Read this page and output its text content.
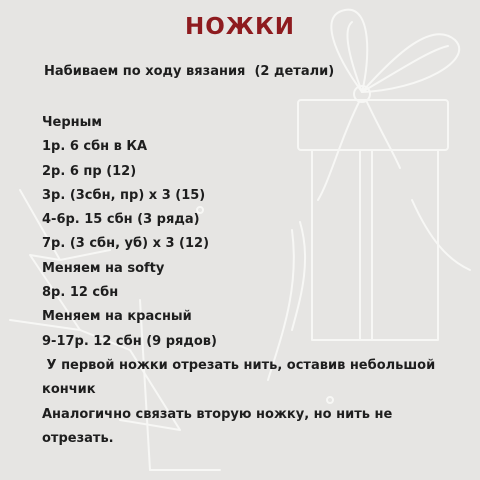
НОЖКИ
Набиваем по ходу вязания  (2 детали)
Черным
1р. 6 сбн в КА
2р. 6 пр (12)
3р. (3сбн, пр) х 3 (15)
4-6р. 15 сбн (3 ряда)
7р. (3 сбн, уб) х 3 (12)
Меняем на softy
8р. 12 сбн
Меняем на красный
9-17р. 12 сбн (9 рядов)
У первой ножки отрезать нить, оставив небольшой
кончик
Аналогично связать вторую ножку, но нить не
отрезать.
